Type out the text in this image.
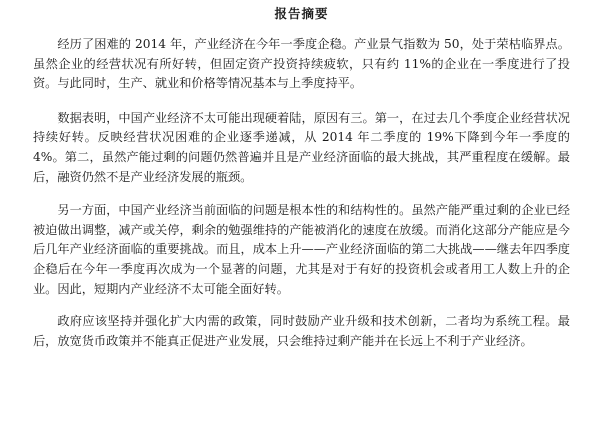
报告摘要

经历了困难的 2014 年，产业经济在今年一季度企稳。产业景气指数为 50，处于荣枯临界点。虽然企业的经营状况有所好转，但固定资产投资持续疲软，只有约 11%的企业在一季度进行了投资。与此同时，生产、就业和价格等情况基本与上季度持平。

数据表明，中国产业经济不太可能出现硬着陆，原因有三。第一，在过去几个季度企业经营状况持续好转。反映经营状况困难的企业逐季递减，从 2014 年二季度的 19%下降到今年一季度的 4%。第二，虽然产能过剩的问题仍然普遍并且是产业经济面临的最大挑战，其严重程度在缓解。最后，融资仍然不是产业经济发展的瓶颈。

另一方面，中国产业经济当前面临的问题是根本性的和结构性的。虽然产能严重过剩的企业已经被迫做出调整，减产或关停，剩余的勉强维持的产能被消化的速度在放缓。而消化这部分产能应是今后几年产业经济面临的重要挑战。而且，成本上升——产业经济面临的第二大挑战——继去年四季度企稳后在今年一季度再次成为一个显著的问题，尤其是对于有好的投资机会或者用工人数上升的企业。因此，短期内产业经济不太可能全面好转。

政府应该坚持并强化扩大内需的政策，同时鼓励产业升级和技术创新，二者均为系统工程。最后，放宽货币政策并不能真正促进产业发展，只会维持过剩产能并在长远上不利于产业经济。
